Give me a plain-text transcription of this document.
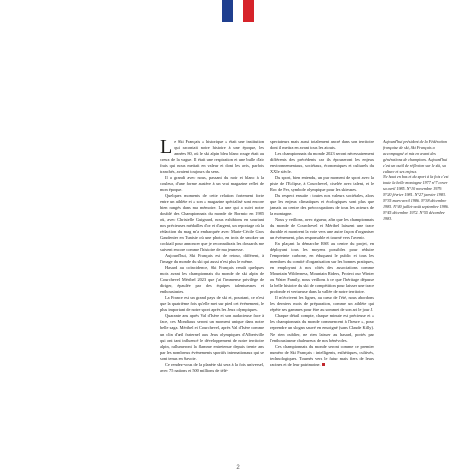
Le Ski Français « historique » était une institution qui racontait notre histoire à une époque, les années 80, où le ski alpin bleu blanc rouge était au creux de la vague. Il était une respiration et une bulle d'air frais qui nous mettait en valeur et dont les avis, parfois tranchés, avaient toujours du sens.

Il a grandi avec nous, passant du noir et blanc à la couleur, d'une forme austère à un vrai magazine reflet de mon époque.

Quelques moments de cette relation fortement forte entre un athlète et « son » magazine spécialisé sont encore bien rangés dans ma mémoire. La une qui a suivi notre doublé des Championnats du monde de Bormio en 1985 où, avec Christelle Guignard, nous exhibions en souriant nos précieuses médailles d'or et d'argent, un reportage où la rédaction du mag m'a embarquée avec Marie-Cécile Gros Gaudenier en Tunisie où une photo, en trois de smoker un cocktail pour annoncer que je reconnaîtrais les dossards me suivent encore comme l'histoire de ma jeunesse.

Aujourd'hui, Ski Français est de retour, différent, à l'image du monde du ski qui aussi n'est plus le même.

Hasard au coïncidence, Ski Français renaît quelques mois avant les championnats du monde de ski alpin de Courchevel Méribel 2023 que j'ai l'immense privilège de diriger, épaulée par des équipes talentueuses et enthousiastes.

La France est un grand pays de ski et, pourtant, ce n'est que la quatrième fois qu'elle met sur pied cet événement, le plus important de notre sport après les Jeux olympiques.

Quarante ans après Val d'Isère et son audacieuse face à face, ces Mondiaux seront un moment unique dans notre belle saga. Méribel et Courchevel, après Val d'Isère comme un clin d'œil fraternel aux Jeux olympiques d'Albertville qui ont tant influencé le développement de notre territoire alpin, rallumeront la flamme entretenue depuis trente ans par les nombreux événements sportifs internationaux qui se sont tenus en Savoie.

Ce rendez-vous de la planète ski sera à la fois universel, avec 75 nations et 500 millions de télé-

spectateurs mais aussi totalement ancré dans son territoire dont il mettra en avant tous les atouts.

Les championnats du monde 2023 seront nécessairement différents des précédents car ils épouseront les enjeux environnementaux, sociétaux, économiques et culturels du XXIe siècle.

Du sport, bien entendu, un pur moment de sport avec la piste de l'Eclipse, à Courchevel, ciselée avec talent, et le Roc de Fer, symbole olympique pour les skieuses.

Du respect ensuite : toutes nos valeurs sociétales, alors que les enjeux climatiques et écologiques sont plus que jamais au centre des préoccupations de tous les acteurs de la montagne.

Nous y veillons, avec rigueur, afin que les championnats du monde de Courchevel et Méribel laissent une trace durable et montrent la voie vers une autre façon d'organiser un événement, plus responsable et tourné vers l'avenir.

En plaçant la démarche RSE au centre du projet, en déployant tous les moyens possibles pour réduire l'empreinte carbone, en éduquant le public et tous les membres du comité d'organisation sur les bonnes pratiques, en employant à nos côtés des associations comme Mountain Wilderness, Mountain Riders, Protect our Winter ou Water Family, nous veillons à ce que l'héritage dépasse la belle histoire du ski de compétition pour laisser une trace profonde et vertueuse dans la vallée de notre territoire.

Il m'écrivent les lignes, au cœur de l'été, nous abordons les derniers mois de préparation, comme un athlète qui répète ses gammes pour être au sommet de son art le jour J.

Chaque détail compte, chaque minute est précieuse et « les championnats du monde commencent à l'heure », pour reprendre un slogan sauvé en ensoigné (sans Claude Killy). Ne rien oublier, ne rien laisser au hasard, portés par l'enthousiasme chaleureux de nos bénévoles.

Ces championnats du monde seront comme ce premier numéro de Ski Français : intelligents, esthétiques, cultivés, technologiques. Tournés vers le futur mais fiers de leurs racines et de leur patrimoine.

Aujourd'hui président de la Fédération française de ski, Ski Français a accompagné et mis en avant des générations de champions. Aujourd'hui c'est un outil de réflexion sur le ski, sa culture et ses enjeux.

Ne haut en bas et du sport à la fois c'est toute la belle montagne 1977 n°7 cover sa avril 1985. N°10 novembre 1979. N°20 février 1981. N°27 janvier 1983. N°35 mars-avril 1986. N°38 décembre 1985. N°40 juillet-août septembre 1986. N°45 décembre 1972. N°55 décembre 1983.

2
